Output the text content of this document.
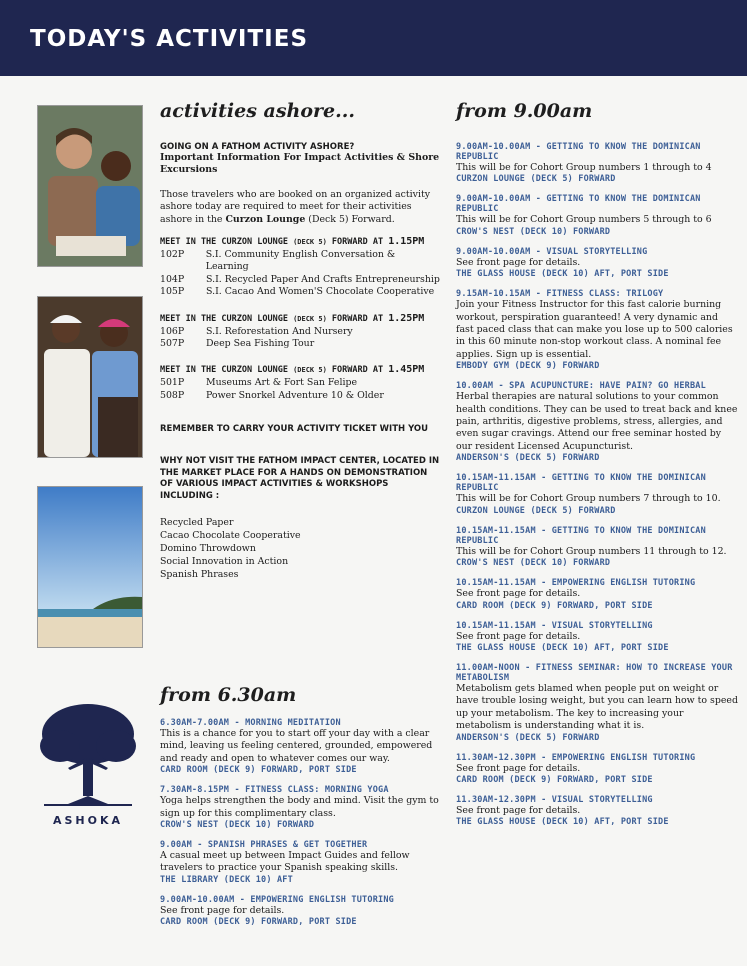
TODAY'S ACTIVITIES
ASHOKA
activities ashore...
GOING ON A FATHOM ACTIVITY ASHORE?
Important Information For Impact Activities & Shore Excursions
Those travelers who are booked on an organized activity ashore today are required to meet for their activities ashore in the Curzon Lounge (Deck 5) Forward.
MEET IN THE CURZON LOUNGE (DECK 5) FORWARD AT 1.15PM
102P	S.I. Community English Conversation & Learning
104P	S.I. Recycled Paper And Crafts Entrepreneurship
105P	S.I. Cacao And Women'S Chocolate Cooperative
MEET IN THE CURZON LOUNGE (DECK 5) FORWARD AT 1.25PM
106P	S.I. Reforestation And Nursery
507P	Deep Sea Fishing Tour
MEET IN THE CURZON LOUNGE (DECK 5) FORWARD AT 1.45PM
501P	Museums Art & Fort San Felipe
508P	Power Snorkel Adventure 10 & Older
REMEMBER TO CARRY YOUR ACTIVITY TICKET WITH YOU
WHY NOT VISIT THE FATHOM IMPACT CENTER, LOCATED IN THE MARKET PLACE FOR A HANDS ON DEMONSTRATION OF VARIOUS IMPACT ACTIVITIES & WORKSHOPS INCLUDING :
Recycled Paper
Cacao Chocolate Cooperative
Domino Throwdown
Social Innovation in Action
Spanish Phrases
from 6.30am
6.30AM-7.00AM - MORNING MEDITATION
This is a chance for you to start off your day with a clear mind, leaving us feeling centered, grounded, empowered and ready and open to whatever comes our way.
CARD ROOM (DECK 9) FORWARD, PORT SIDE
7.30AM-8.15PM - FITNESS CLASS: MORNING YOGA
Yoga helps strengthen the body and mind. Visit the gym to sign up for this complimentary class.
CROW'S NEST (DECK 10) FORWARD
9.00AM - SPANISH PHRASES & GET TOGETHER
A casual meet up between Impact Guides and fellow travelers to practice your Spanish speaking skills.
THE LIBRARY (DECK 10) AFT
9.00AM-10.00AM - EMPOWERING ENGLISH TUTORING
See front page for details.
CARD ROOM (DECK 9) FORWARD, PORT SIDE
from 9.00am
9.00AM-10.00AM - GETTING TO KNOW THE DOMINICAN REPUBLIC
This will be for Cohort Group numbers 1 through to 4
CURZON LOUNGE (DECK 5) FORWARD
9.00AM-10.00AM - GETTING TO KNOW THE DOMINICAN REPUBLIC
This will be for Cohort Group numbers 5 through to 6
CROW'S NEST (DECK 10) FORWARD
9.00AM-10.00AM - VISUAL STORYTELLING
See front page for details.
THE GLASS HOUSE (DECK 10) AFT, PORT SIDE
9.15AM-10.15AM - FITNESS CLASS: TRILOGY
Join your Fitness Instructor for this fast calorie burning workout, perspiration guaranteed! A very dynamic and fast paced class that can make you lose up to 500 calories in this 60 minute non-stop workout class. A nominal fee applies. Sign up is essential.
EMBODY GYM (DECK 9) FORWARD
10.00AM - SPA ACUPUNCTURE: HAVE PAIN? GO HERBAL
Herbal therapies are natural solutions to your common health conditions. They can be used to treat back and knee pain, arthritis, digestive problems, stress, allergies, and even sugar cravings. Attend our free seminar hosted by our resident Licensed Acupuncturist.
ANDERSON'S (DECK 5) FORWARD
10.15AM-11.15AM - GETTING TO KNOW THE DOMINICAN REPUBLIC
This will be for Cohort Group numbers 7 through to 10.
CURZON LOUNGE (DECK 5) FORWARD
10.15AM-11.15AM - GETTING TO KNOW THE DOMINICAN REPUBLIC
This will be for Cohort Group numbers 11 through to 12.
CROW'S NEST (DECK 10) FORWARD
10.15AM-11.15AM - EMPOWERING ENGLISH TUTORING
See front page for details.
CARD ROOM (DECK 9) FORWARD, PORT SIDE
10.15AM-11.15AM - VISUAL STORYTELLING
See front page for details.
THE GLASS HOUSE (DECK 10) AFT, PORT SIDE
11.00AM-NOON - FITNESS SEMINAR: HOW TO INCREASE YOUR METABOLISM
Metabolism gets blamed when people put on weight or have trouble losing weight, but you can learn how to speed up your metabolism. The key to increasing your metabolism is understanding what it is.
ANDERSON'S (DECK 5) FORWARD
11.30AM-12.30PM - EMPOWERING ENGLISH TUTORING
See front page for details.
CARD ROOM (DECK 9) FORWARD, PORT SIDE
11.30AM-12.30PM - VISUAL STORYTELLING
See front page for details.
THE GLASS HOUSE (DECK 10) AFT, PORT SIDE
